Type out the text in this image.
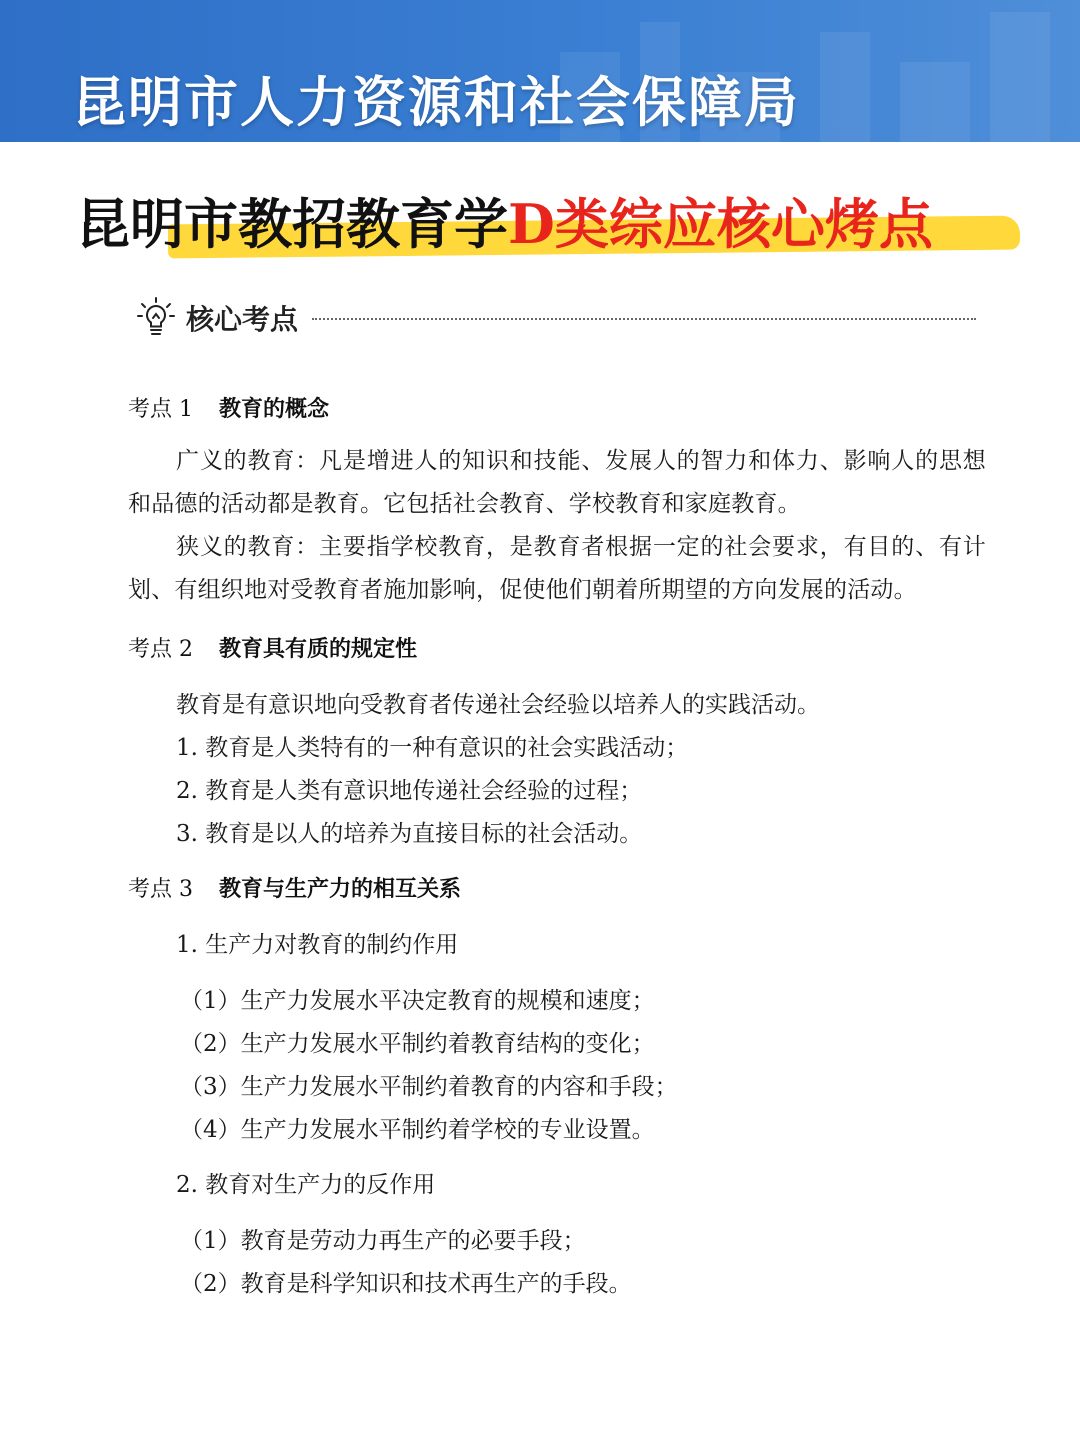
昆明市人力资源和社会保障局
昆明市教招教育学D类综应核心烤点
核心考点
考点 1 教育的概念
广义的教育：凡是增进人的知识和技能、发展人的智力和体力、影响人的思想和品德的活动都是教育。它包括社会教育、学校教育和家庭教育。
狭义的教育：主要指学校教育，是教育者根据一定的社会要求，有目的、有计划、有组织地对受教育者施加影响，促使他们朝着所期望的方向发展的活动。
考点 2 教育具有质的规定性
教育是有意识地向受教育者传递社会经验以培养人的实践活动。
1. 教育是人类特有的一种有意识的社会实践活动；
2. 教育是人类有意识地传递社会经验的过程；
3. 教育是以人的培养为直接目标的社会活动。
考点 3 教育与生产力的相互关系
1. 生产力对教育的制约作用
（1）生产力发展水平决定教育的规模和速度；
（2）生产力发展水平制约着教育结构的变化；
（3）生产力发展水平制约着教育的内容和手段；
（4）生产力发展水平制约着学校的专业设置。
2. 教育对生产力的反作用
（1）教育是劳动力再生产的必要手段；
（2）教育是科学知识和技术再生产的手段。
